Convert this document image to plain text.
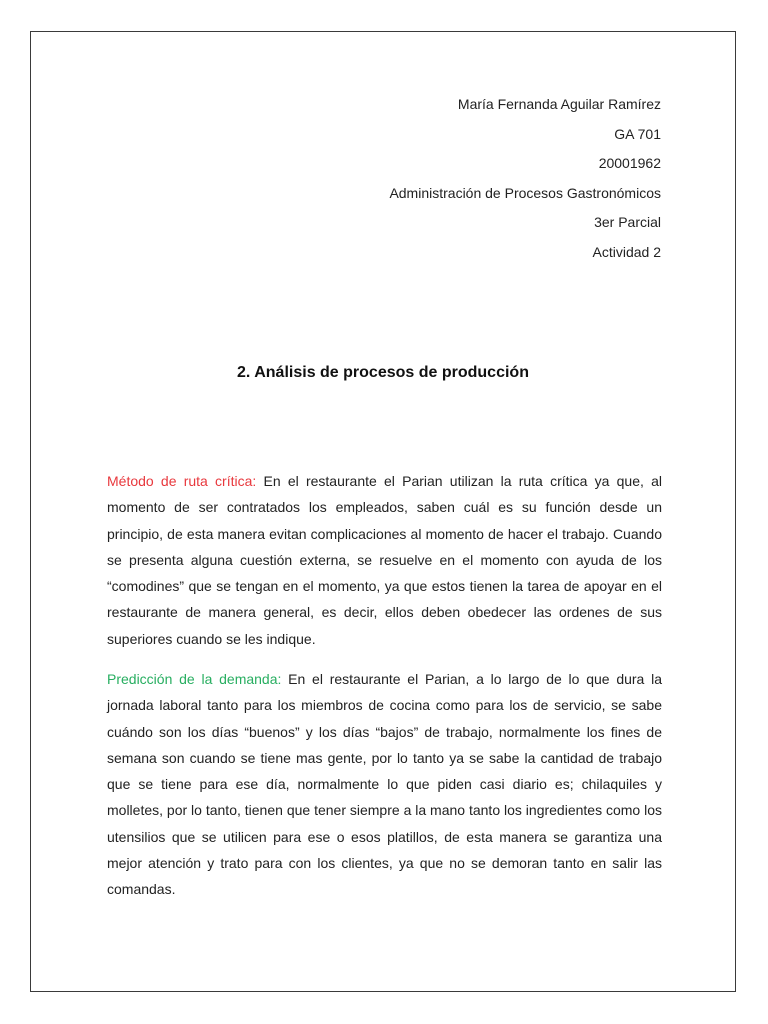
María Fernanda Aguilar Ramírez
GA 701
20001962
Administración de Procesos Gastronómicos
3er Parcial
Actividad 2
2. Análisis de procesos de producción
Método de ruta crítica: En el restaurante el Parian utilizan la ruta crítica ya que, al momento de ser contratados los empleados, saben cuál es su función desde un principio, de esta manera evitan complicaciones al momento de hacer el trabajo. Cuando se presenta alguna cuestión externa, se resuelve en el momento con ayuda de los “comodines” que se tengan en el momento, ya que estos tienen la tarea de apoyar en el restaurante de manera general, es decir, ellos deben obedecer las ordenes de sus superiores cuando se les indique.
Predicción de la demanda: En el restaurante el Parian, a lo largo de lo que dura la jornada laboral tanto para los miembros de cocina como para los de servicio, se sabe cuándo son los días “buenos” y los días “bajos” de trabajo, normalmente los fines de semana son cuando se tiene mas gente, por lo tanto ya se sabe la cantidad de trabajo que se tiene para ese día, normalmente lo que piden casi diario es; chilaquiles y molletes, por lo tanto, tienen que tener siempre a la mano tanto los ingredientes como los utensilios que se utilicen para ese o esos platillos, de esta manera se garantiza una mejor atención y trato para con los clientes, ya que no se demoran tanto en salir las comandas.
